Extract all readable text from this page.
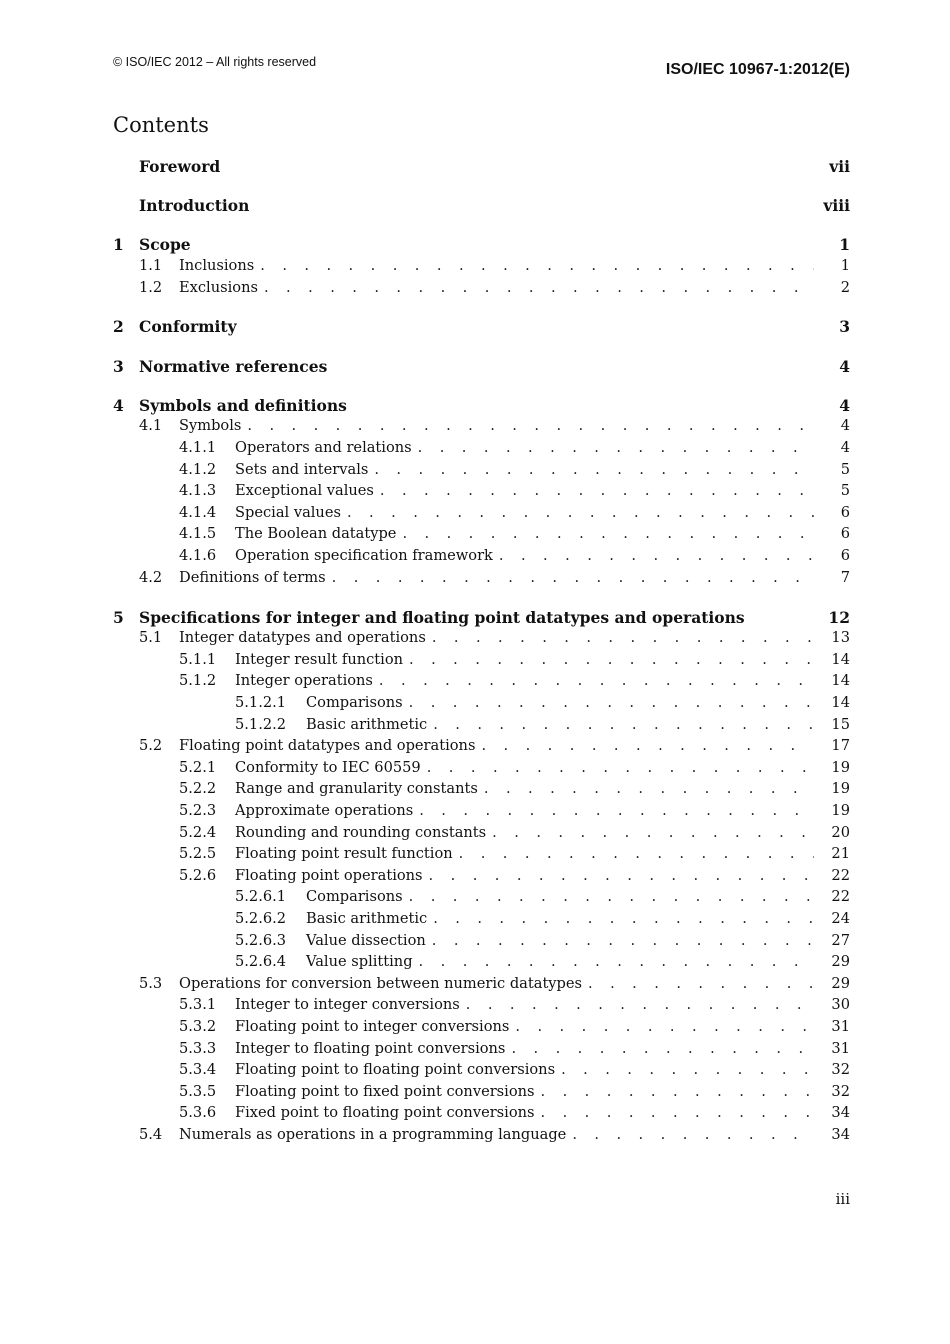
© ISO/IEC 2012 – All rights reserved	ISO/IEC 10967-1:2012(E)
Contents
Foreword	vii
Introduction	viii
1 Scope	1
1.1	Inclusions . . .	1
1.2	Exclusions . . .	2
2 Conformity	3
3 Normative references	4
4 Symbols and definitions	4
4.1	Symbols . . .	4
4.1.1	Operators and relations . . .	4
4.1.2	Sets and intervals . . .	5
4.1.3	Exceptional values . . .	5
4.1.4	Special values . . .	6
4.1.5	The Boolean datatype . . .	6
4.1.6	Operation specification framework . . .	6
4.2	Definitions of terms . . .	7
5 Specifications for integer and floating point datatypes and operations	12
5.1	Integer datatypes and operations . . .	13
5.1.1	Integer result function . . .	14
5.1.2	Integer operations . . .	14
5.1.2.1	Comparisons . . .	14
5.1.2.2	Basic arithmetic . . .	15
5.2	Floating point datatypes and operations . . .	17
5.2.1	Conformity to IEC 60559 . . .	19
5.2.2	Range and granularity constants . . .	19
5.2.3	Approximate operations . . .	19
5.2.4	Rounding and rounding constants . . .	20
5.2.5	Floating point result function . . .	21
5.2.6	Floating point operations . . .	22
5.2.6.1	Comparisons . . .	22
5.2.6.2	Basic arithmetic . . .	24
5.2.6.3	Value dissection . . .	27
5.2.6.4	Value splitting . . .	29
5.3	Operations for conversion between numeric datatypes . . .	29
5.3.1	Integer to integer conversions . . .	30
5.3.2	Floating point to integer conversions . . .	31
5.3.3	Integer to floating point conversions . . .	31
5.3.4	Floating point to floating point conversions . . .	32
5.3.5	Floating point to fixed point conversions . . .	32
5.3.6	Fixed point to floating point conversions . . .	34
5.4	Numerals as operations in a programming language . . .	34
iii
